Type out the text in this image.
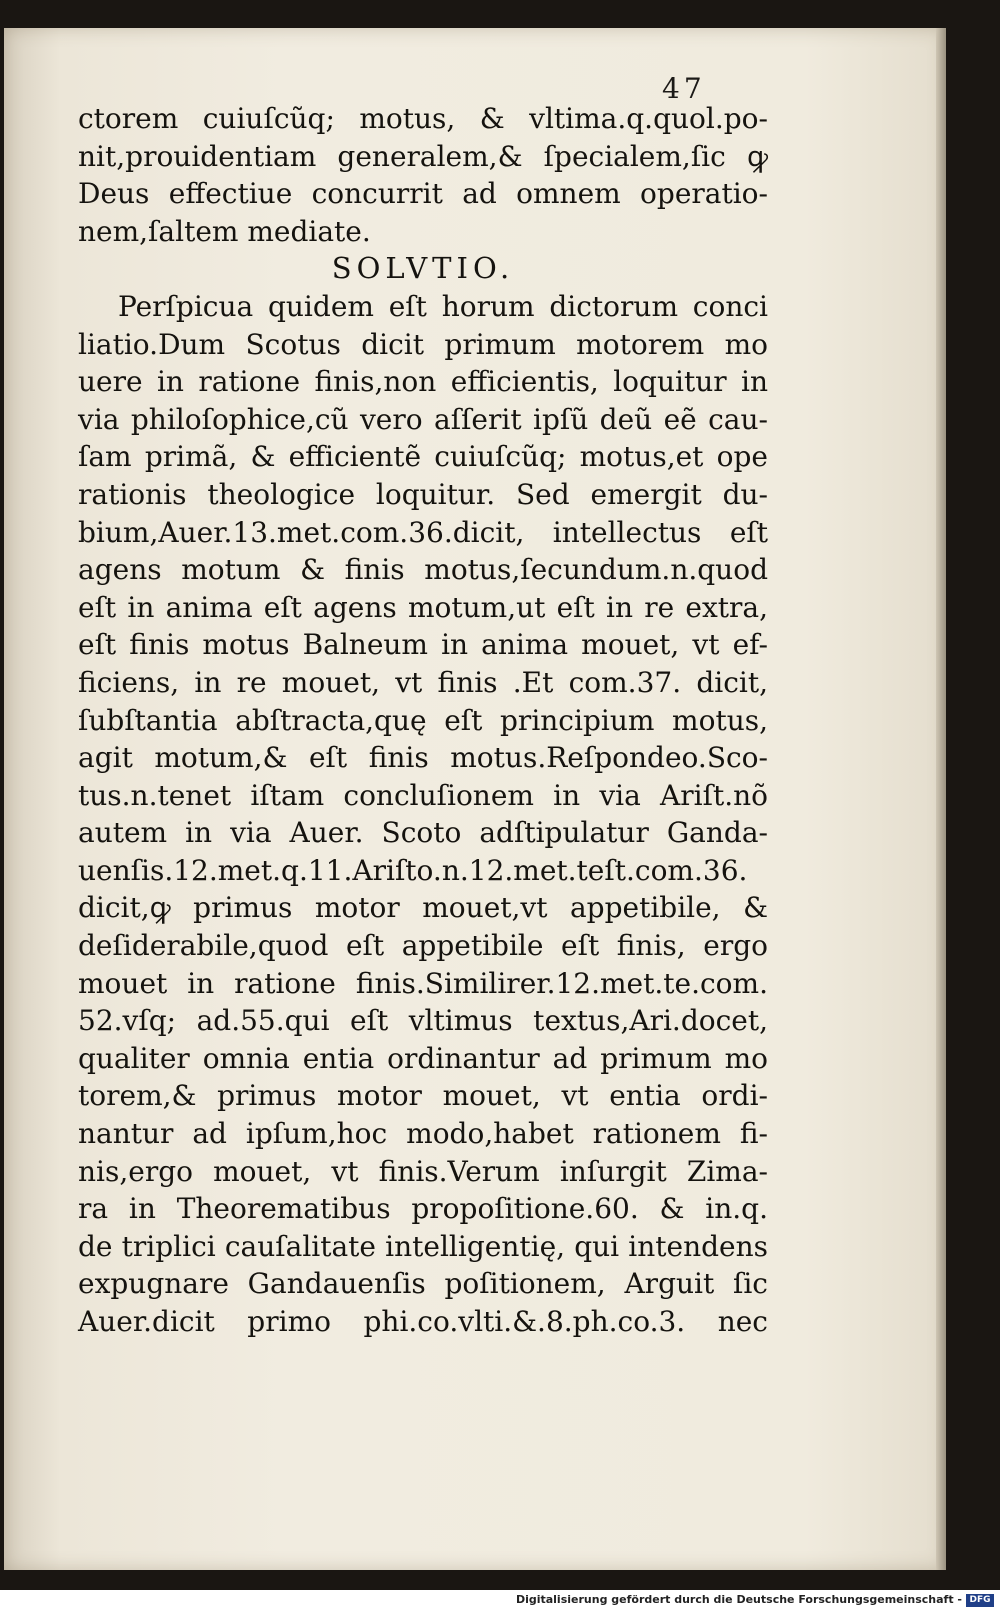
47
ctorem cuiuſcũq; motus, & vltima.q.quol.po-
nit,prouidentiam generalem,& ſpecialem,ſic ꝙ
Deus effectiue concurrit ad omnem operatio-
nem,ſaltem mediate.
SOLVTIO.
Perſpicua quidem eſt horum dictorum conci
liatio.Dum Scotus dicit primum motorem mo
uere in ratione finis,non efficientis, loquitur in
via philoſophice,cũ vero aſſerit ipſũ deũ eẽ cau-
ſam primã, & efficientẽ cuiuſcũq; motus,et ope
rationis theologice loquitur. Sed emergit du-
bium,Auer.13.met.com.36.dicit, intellectus eſt
agens motum & finis motus,ſecundum.n.quod
eſt in anima eſt agens motum,ut eſt in re extra,
eſt finis motus Balneum in anima mouet, vt ef-
ficiens, in re mouet, vt finis .Et com.37. dicit,
ſubſtantia abſtracta,quę eſt principium motus,
agit motum,& eſt finis motus.Reſpondeo.Sco-
tus.n.tenet iſtam concluſionem in via Ariſt.nõ
autem in via Auer. Scoto adſtipulatur Ganda-
uenſis.12.met.q.11.Ariſto.n.12.met.teſt.com.36.
dicit,ꝙ primus motor mouet,vt appetibile, &
deſiderabile,quod eſt appetibile eſt finis, ergo
mouet in ratione finis.Similirer.12.met.te.com.
52.vſq; ad.55.qui eſt vltimus textus,Ari.docet,
qualiter omnia entia ordinantur ad primum mo
torem,& primus motor mouet, vt entia ordi-
nantur ad ipſum,hoc modo,habet rationem fi-
nis,ergo mouet, vt finis.Verum inſurgit Zima-
ra in Theorematibus propoſitione.60. & in.q.
de triplici cauſalitate intelligentię, qui intendens
expugnare Gandauenſis poſitionem, Arguit ſic
Auer.dicit primo phi.co.vlti.&.8.ph.co.3. nec
Digitalisierung gefördert durch die Deutsche Forschungsgemeinschaft - DFG
